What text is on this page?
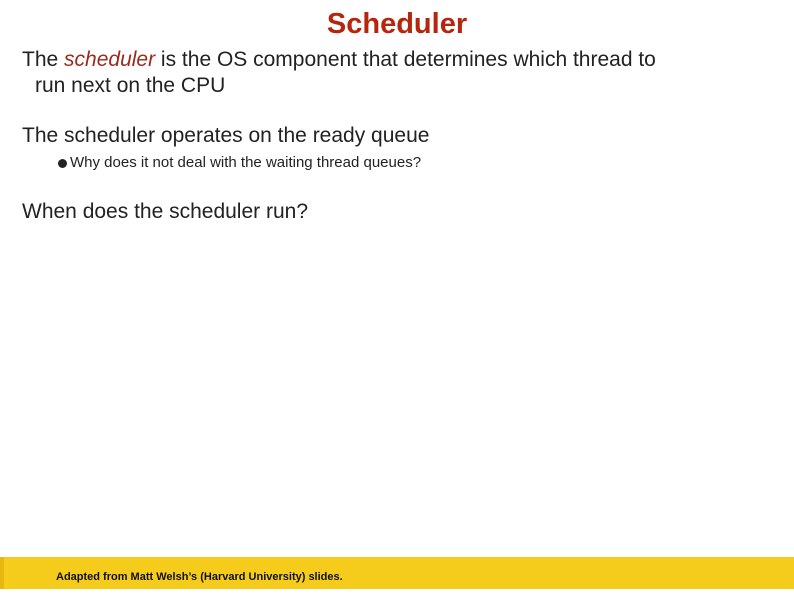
Scheduler
The scheduler is the OS component that determines which thread to
run next on the CPU
The scheduler operates on the ready queue
Why does it not deal with the waiting thread queues?
When does the scheduler run?
Adapted from Matt Welsh’s (Harvard University) slides.
